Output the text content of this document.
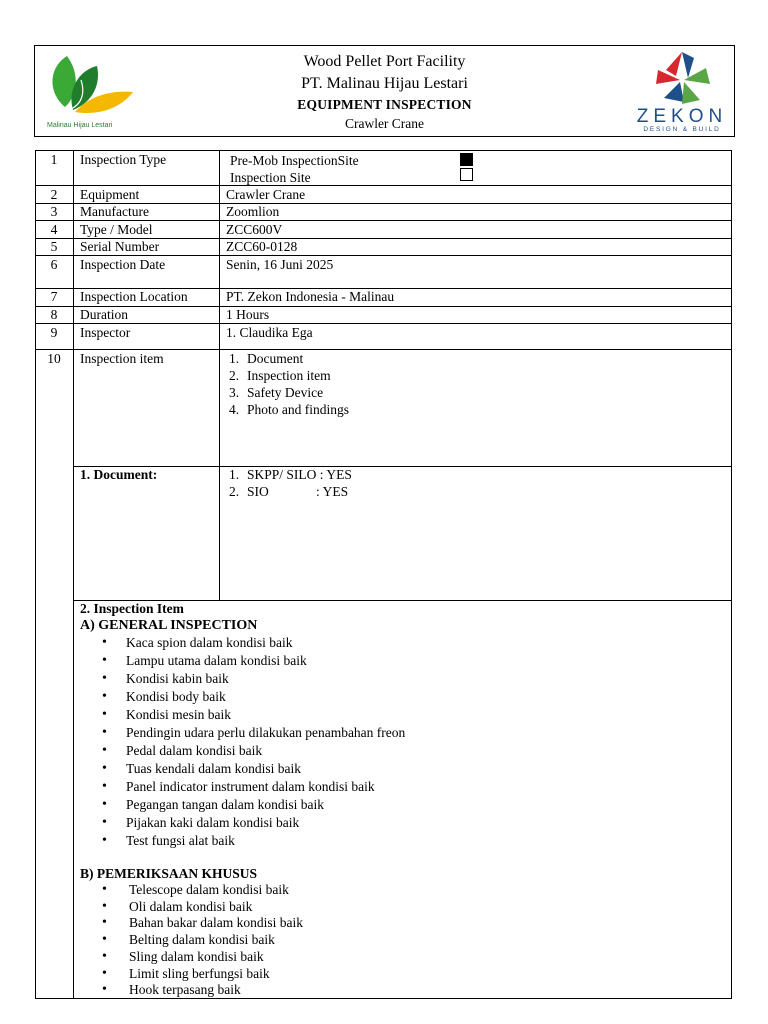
Malinau Hijau Lestari
Wood Pellet Port Facility
PT. Malinau Hijau Lestari
EQUIPMENT INSPECTION
Crawler Crane	ZEKON
DESIGN & BUILD
1	Inspection Type	Pre-Mob InspectionSite
Inspection Site
2	Equipment	Crawler Crane
3	Manufacture	Zoomlion
4	Type / Model	ZCC600V
5	Serial Number	ZCC60-0128
6	Inspection Date	Senin, 16 Juni 2025
7	Inspection Location	PT. Zekon Indonesia - Malinau
8	Duration	1 Hours
9	Inspector	1. Claudika Ega
10	Inspection item	1. Document
2. Inspection item
3. Safety Device
4. Photo and findings
1. Document:	1. SKPP/ SILO : YES
2. SIO              : YES
2. Inspection Item
A) GENERAL INSPECTION
• Kaca spion dalam kondisi baik
• Lampu utama dalam kondisi baik
• Kondisi kabin baik
• Kondisi body baik
• Kondisi mesin baik
• Pendingin udara perlu dilakukan penambahan freon
• Pedal dalam kondisi baik
• Tuas kendali dalam kondisi baik
• Panel indicator instrument dalam kondisi baik
• Pegangan tangan dalam kondisi baik
• Pijakan kaki dalam kondisi baik
• Test fungsi alat baik
B) PEMERIKSAAN KHUSUS
• Telescope dalam kondisi baik
• Oli dalam kondisi baik
• Bahan bakar dalam kondisi baik
• Belting dalam kondisi baik
• Sling dalam kondisi baik
• Limit sling berfungsi baik
• Hook terpasang baik
